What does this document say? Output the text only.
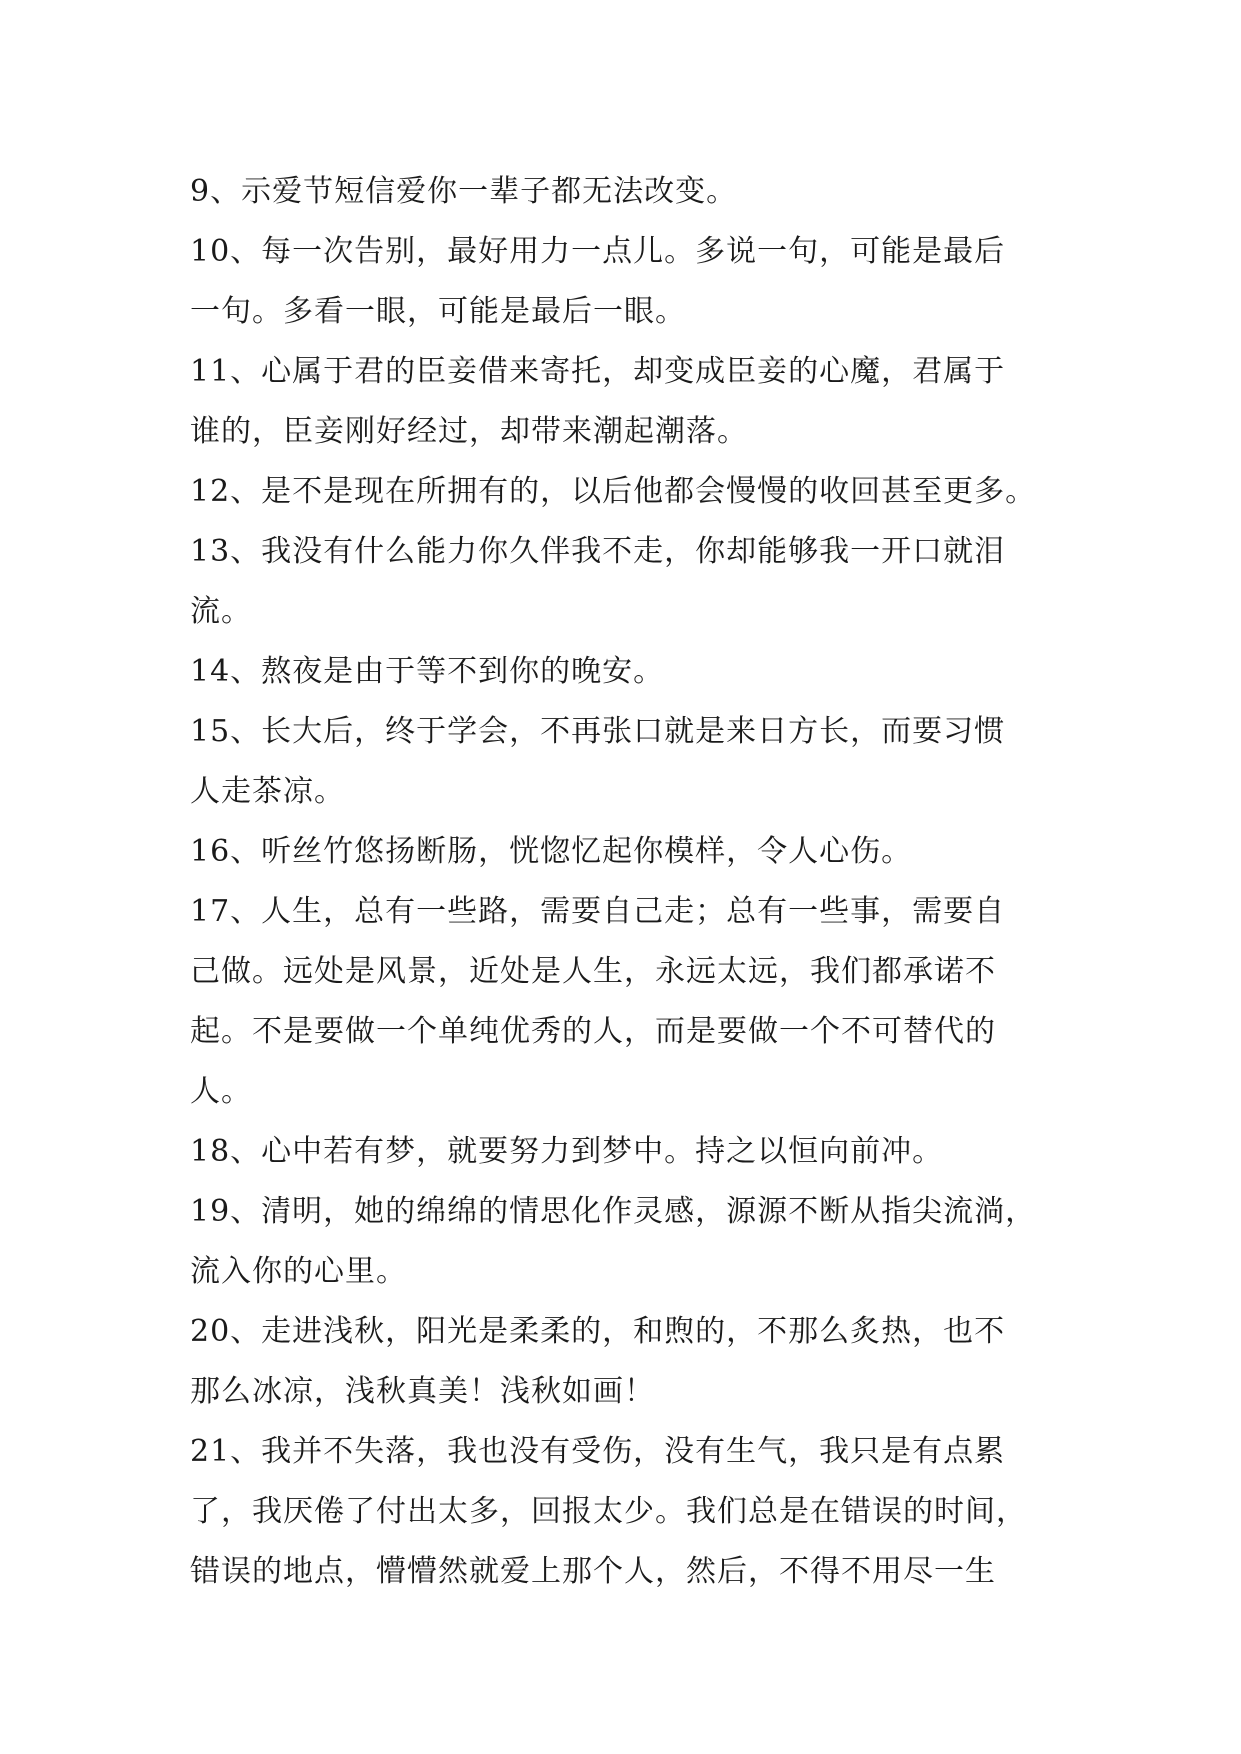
9、示爱节短信爱你一辈子都无法改变。
10、每一次告别，最好用力一点儿。多说一句，可能是最后
一句。多看一眼，可能是最后一眼。
11、心属于君的臣妾借来寄托，却变成臣妾的心魔，君属于
谁的，臣妾刚好经过，却带来潮起潮落。
12、是不是现在所拥有的，以后他都会慢慢的收回甚至更多。
13、我没有什么能力你久伴我不走，你却能够我一开口就泪
流。
14、熬夜是由于等不到你的晚安。
15、长大后，终于学会，不再张口就是来日方长，而要习惯
人走茶凉。
16、听丝竹悠扬断肠，恍惚忆起你模样，令人心伤。
17、人生，总有一些路，需要自己走；总有一些事，需要自
己做。远处是风景，近处是人生，永远太远，我们都承诺不
起。不是要做一个单纯优秀的人，而是要做一个不可替代的
人。
18、心中若有梦，就要努力到梦中。持之以恒向前冲。
19、清明，她的绵绵的情思化作灵感，源源不断从指尖流淌，
流入你的心里。
20、走进浅秋，阳光是柔柔的，和煦的，不那么炙热，也不
那么冰凉，浅秋真美！浅秋如画！
21、我并不失落，我也没有受伤，没有生气，我只是有点累
了，我厌倦了付出太多，回报太少。我们总是在错误的时间，
错误的地点，懵懵然就爱上那个人，然后，不得不用尽一生
